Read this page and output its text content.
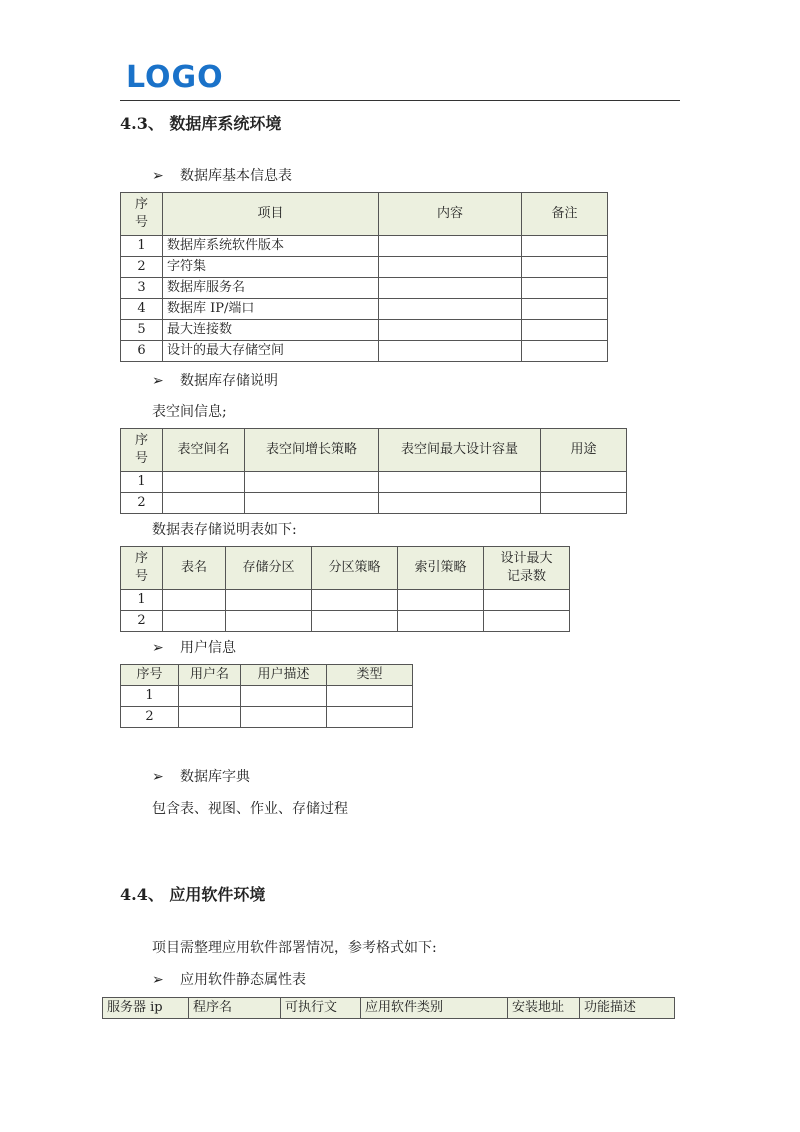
LOGO
4.3、 数据库系统环境
➢ 数据库基本信息表
序
号	项目	内容	备注
1	数据库系统软件版本		
2	字符集		
3	数据库服务名		
4	数据库 IP/端口		
5	最大连接数		
6	设计的最大存储空间		
➢ 数据库存储说明
表空间信息;
序
号	表空间名	表空间增长策略	表空间最大设计容量	用途
1				
2				
数据表存储说明表如下:
序
号	表名	存储分区	分区策略	索引策略	设计最大
记录数
1					
2					
➢ 用户信息
序号	用户名	用户描述	类型
1			
2			
➢ 数据库字典
包含表、视图、作业、存储过程
4.4、 应用软件环境
项目需整理应用软件部署情况，参考格式如下:
➢ 应用软件静态属性表
服务器 ip	程序名	可执行文	应用软件类别	安装地址	功能描述
